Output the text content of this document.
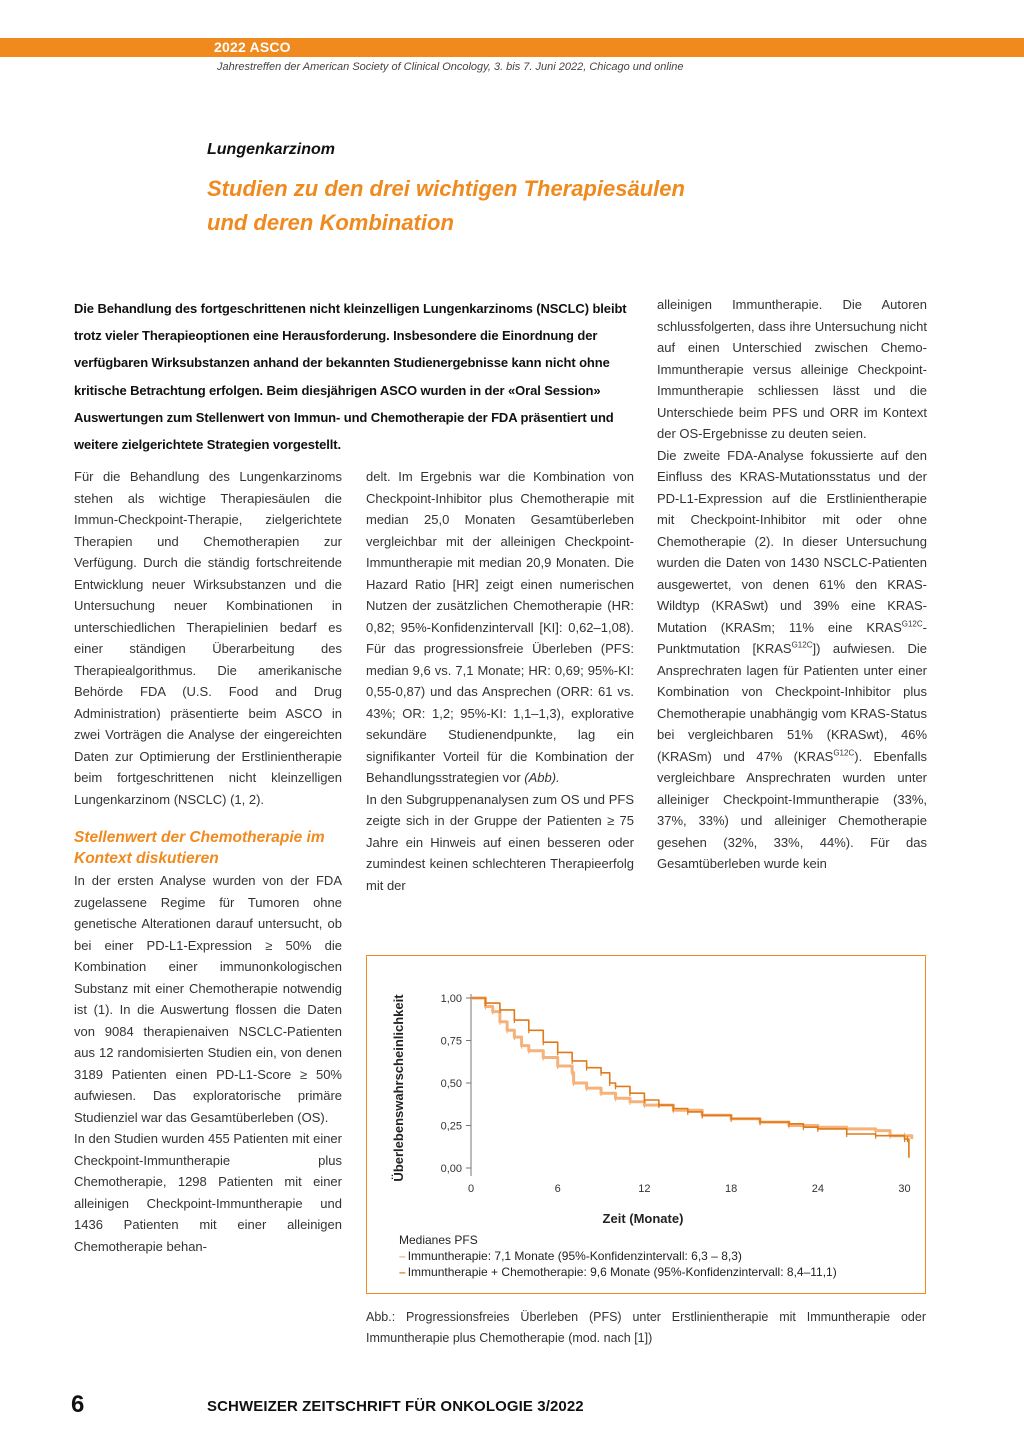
2022 ASCO
Jahrestreffen der American Society of Clinical Oncology, 3. bis 7. Juni 2022, Chicago und online
Lungenkarzinom
Studien zu den drei wichtigen Therapiesäulen
und deren Kombination

Die Behandlung des fortgeschrittenen nicht kleinzelligen Lungenkarzinoms (NSCLC) bleibt trotz vieler Therapieoptionen eine Herausforderung. Insbesondere die Einordnung der verfügbaren Wirksubstanzen anhand der bekannten Studienergebnisse kann nicht ohne kritische Betrachtung erfolgen. Beim diesjährigen ASCO wurden in der «Oral Session» Auswertungen zum Stellenwert von Immun- und Chemotherapie der FDA präsentiert und weitere zielgerichtete Strategien vorgestellt.

Für die Behandlung des Lungenkarzinoms stehen als wichtige Therapiesäulen die Immun-Checkpoint-Therapie, zielgerichtete Therapien und Chemotherapien zur Verfügung. Durch die ständig fortschreitende Entwicklung neuer Wirksubstanzen und die Untersuchung neuer Kombinationen in unterschiedlichen Therapielinien bedarf es einer ständigen Überarbeitung des Therapiealgorithmus. Die amerikanische Behörde FDA (U.S. Food and Drug Administration) präsentierte beim ASCO in zwei Vorträgen die Analyse der eingereichten Daten zur Optimierung der Erstlinientherapie beim fortgeschrittenen nicht kleinzelligen Lungenkarzinom (NSCLC) (1, 2).

Stellenwert der Chemotherapie im Kontext diskutieren

In der ersten Analyse wurden von der FDA zugelassene Regime für Tumoren ohne genetische Alterationen darauf untersucht, ob bei einer PD-L1-Expression ≥ 50% die Kombination einer immunonkologischen Substanz mit einer Chemotherapie notwendig ist (1). In die Auswertung flossen die Daten von 9084 therapienaiven NSCLC-Patienten aus 12 randomisierten Studien ein, von denen 3189 Patienten einen PD-L1-Score ≥ 50% aufwiesen. Das exploratorische primäre Studienziel war das Gesamtüberleben (OS).

In den Studien wurden 455 Patienten mit einer Checkpoint-Immuntherapie plus Chemotherapie, 1298 Patienten mit einer alleinigen Checkpoint-Immuntherapie und 1436 Patienten mit einer alleinigen Chemotherapie behan-

delt. Im Ergebnis war die Kombination von Checkpoint-Inhibitor plus Chemotherapie mit median 25,0 Monaten Gesamtüberleben vergleichbar mit der alleinigen Checkpoint-Immuntherapie mit median 20,9 Monaten. Die Hazard Ratio [HR] zeigt einen numerischen Nutzen der zusätzlichen Chemotherapie (HR: 0,82; 95%-Konfidenzintervall [KI]: 0,62–1,08). Für das progressionsfreie Überleben (PFS: median 9,6 vs. 7,1 Monate; HR: 0,69; 95%-KI: 0,55-0,87) und das Ansprechen (ORR: 61 vs. 43%; OR: 1,2; 95%-KI: 1,1–1,3), explorative sekundäre Studienendpunkte, lag ein signifikanter Vorteil für die Kombination der Behandlungsstrategien vor (Abb).

In den Subgruppenanalysen zum OS und PFS zeigte sich in der Gruppe der Patienten ≥ 75 Jahre ein Hinweis auf einen besseren oder zumindest keinen schlechteren Therapieerfolg mit der

alleinigen Immuntherapie. Die Autoren schlussfolgerten, dass ihre Untersuchung nicht auf einen Unterschied zwischen Chemo-Immuntherapie versus alleinige Checkpoint-Immuntherapie schliessen lässt und die Unterschiede beim PFS und ORR im Kontext der OS-Ergebnisse zu deuten seien.

Die zweite FDA-Analyse fokussierte auf den Einfluss des KRAS-Mutationsstatus und der PD-L1-Expression auf die Erstlinientherapie mit Checkpoint-Inhibitor mit oder ohne Chemotherapie (2). In dieser Untersuchung wurden die Daten von 1430 NSCLC-Patienten ausgewertet, von denen 61% den KRAS-Wildtyp (KRASwt) und 39% eine KRAS-Mutation (KRASm; 11% eine $KRAS^{G12C}$-Punktmutation $[KRAS^{G12C}]$) aufwiesen. Die Ansprechraten lagen für Patienten unter einer Kombination von Checkpoint-Inhibitor plus Chemotherapie unabhängig vom KRAS-Status bei vergleichbaren 51% (KRASwt), 46% (KRASm) und 47% $(KRAS^{G12C})$. Ebenfalls vergleichbare Ansprechraten wurden unter alleiniger Checkpoint-Immuntherapie (33%, 37%, 33%) und alleiniger Chemotherapie gesehen (32%, 33%, 44%). Für das Gesamtüberleben wurde kein

0,00
0,25
0,50
0,75
1,00
0	6	12	18	24	30
Überlebenswahrscheinlichkeit
Zeit (Monate)
Medianes PFS
– Immuntherapie: 7,1 Monate (95%-Konfidenzintervall: 6,3 – 8,3)
– Immuntherapie + Chemotherapie: 9,6 Monate (95%-Konfidenzintervall: 8,4–11,1)
Abb.: Progressionsfreies Überleben (PFS) unter Erstlinientherapie mit Immuntherapie oder Immuntherapie plus Chemotherapie (mod. nach [1])
6	SCHWEIZER ZEITSCHRIFT FÜR ONKOLOGIE 3/2022
